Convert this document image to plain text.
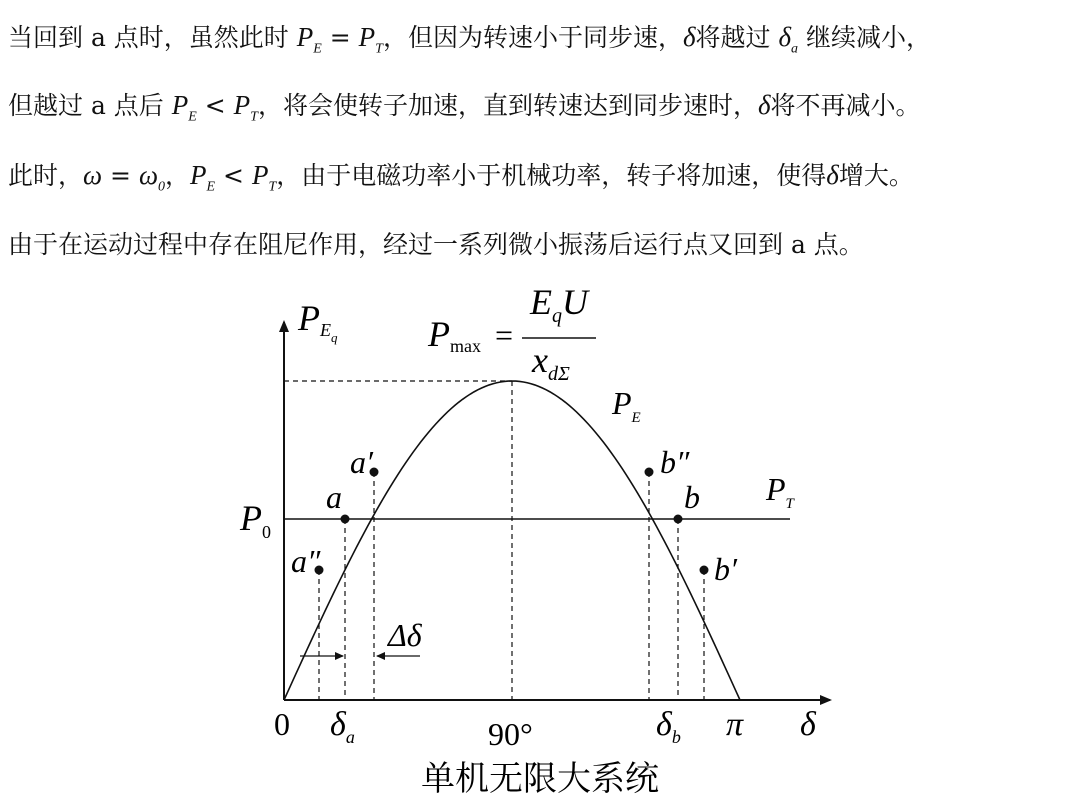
当回到 a 点时，虽然此时 $P_E = P_T$，但因为转速小于同步速，δ将越过 $\delta_a$ 继续减小，
但越过 a 点后 $P_E < P_T$，将会使转子加速，直到转速达到同步速时，δ将不再减小。
此时，$\omega = \omega_0$，$P_E < P_T$，由于电磁功率小于机械功率，转子将加速，使得δ增大。
由于在运动过程中存在阻尼作用，经过一系列微小振荡后运行点又回到 a 点。
PEq	Pmax =
$E_qU$
$x_{d\Sigma}$
$P_E$
$P_T$
$P_0$
a′
a
a″
b″
b
b′
Δδ
0 $\delta_a$	90°	$\delta_b$ π δ
单机无限大系统
